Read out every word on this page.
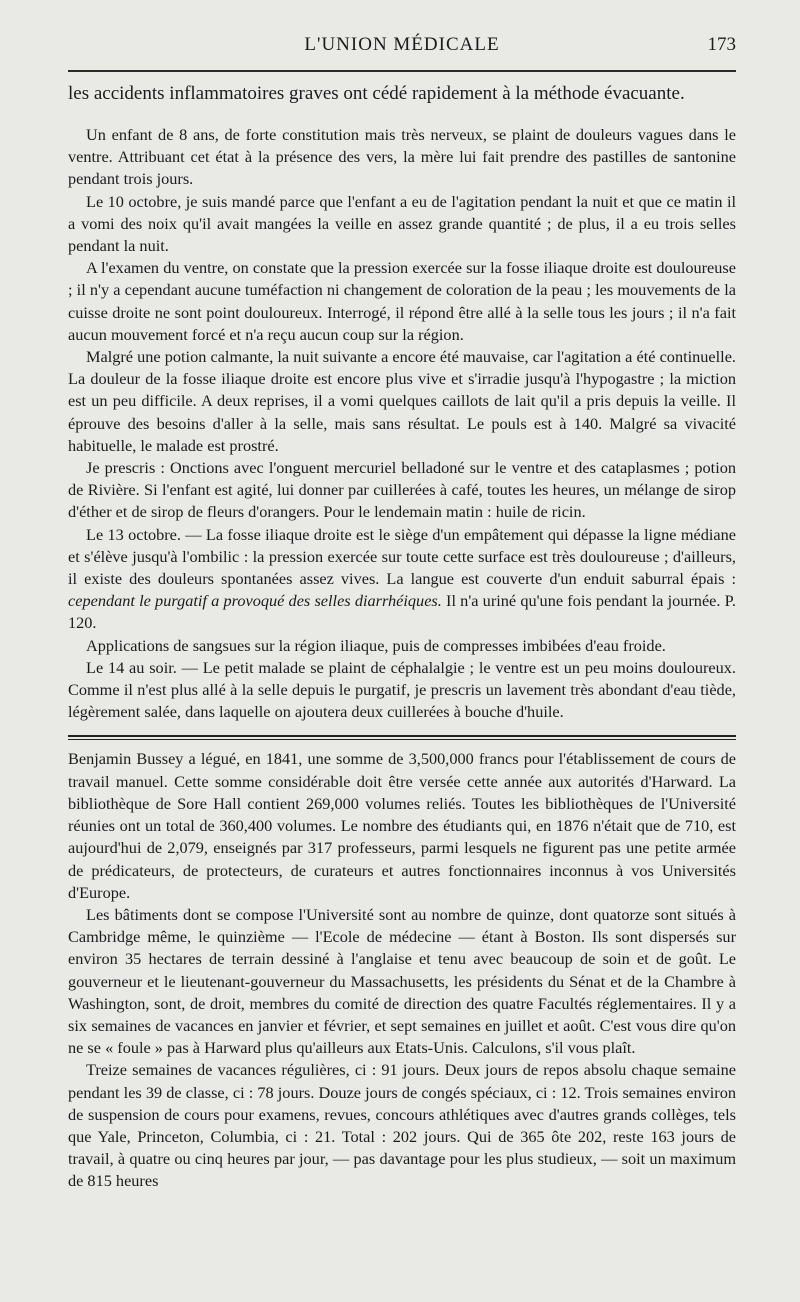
L'UNION MÉDICALE	173

les accidents inflammatoires graves ont cédé rapidement à la méthode évacuante.

Un enfant de 8 ans, de forte constitution mais très nerveux, se plaint de douleurs vagues dans le ventre. Attribuant cet état à la présence des vers, la mère lui fait prendre des pastilles de santonine pendant trois jours.

Le 10 octobre, je suis mandé parce que l'enfant a eu de l'agitation pendant la nuit et que ce matin il a vomi des noix qu'il avait mangées la veille en assez grande quantité ; de plus, il a eu trois selles pendant la nuit.

A l'examen du ventre, on constate que la pression exercée sur la fosse iliaque droite est douloureuse ; il n'y a cependant aucune tuméfaction ni changement de coloration de la peau ; les mouvements de la cuisse droite ne sont point douloureux. Interrogé, il répond être allé à la selle tous les jours ; il n'a fait aucun mouvement forcé et n'a reçu aucun coup sur la région.

Malgré une potion calmante, la nuit suivante a encore été mauvaise, car l'agitation a été continuelle. La douleur de la fosse iliaque droite est encore plus vive et s'irradie jusqu'à l'hypogastre ; la miction est un peu difficile. A deux reprises, il a vomi quelques caillots de lait qu'il a pris depuis la veille. Il éprouve des besoins d'aller à la selle, mais sans résultat. Le pouls est à 140. Malgré sa vivacité habituelle, le malade est prostré.

Je prescris : Onctions avec l'onguent mercuriel belladoné sur le ventre et des cataplasmes ; potion de Rivière. Si l'enfant est agité, lui donner par cuillerées à café, toutes les heures, un mélange de sirop d'éther et de sirop de fleurs d'orangers. Pour le lendemain matin : huile de ricin.

Le 13 octobre. — La fosse iliaque droite est le siège d'un empâtement qui dépasse la ligne médiane et s'élève jusqu'à l'ombilic : la pression exercée sur toute cette surface est très douloureuse ; d'ailleurs, il existe des douleurs spontanées assez vives. La langue est couverte d'un enduit saburral épais : cependant le purgatif a provoqué des selles diarrhéiques. Il n'a uriné qu'une fois pendant la journée. P. 120.

Applications de sangsues sur la région iliaque, puis de compresses imbibées d'eau froide.

Le 14 au soir. — Le petit malade se plaint de céphalalgie ; le ventre est un peu moins douloureux. Comme il n'est plus allé à la selle depuis le purgatif, je prescris un lavement très abondant d'eau tiède, légèrement salée, dans laquelle on ajoutera deux cuillerées à bouche d'huile.

Benjamin Bussey a légué, en 1841, une somme de 3,500,000 francs pour l'établissement de cours de travail manuel. Cette somme considérable doit être versée cette année aux autorités d'Harward. La bibliothèque de Sore Hall contient 269,000 volumes reliés. Toutes les bibliothèques de l'Université réunies ont un total de 360,400 volumes. Le nombre des étudiants qui, en 1876 n'était que de 710, est aujourd'hui de 2,079, enseignés par 317 professeurs, parmi lesquels ne figurent pas une petite armée de prédicateurs, de protecteurs, de curateurs et autres fonctionnaires inconnus à vos Universités d'Europe.

Les bâtiments dont se compose l'Université sont au nombre de quinze, dont quatorze sont situés à Cambridge même, le quinzième — l'Ecole de médecine — étant à Boston. Ils sont dispersés sur environ 35 hectares de terrain dessiné à l'anglaise et tenu avec beaucoup de soin et de goût. Le gouverneur et le lieutenant-gouverneur du Massachusetts, les présidents du Sénat et de la Chambre à Washington, sont, de droit, membres du comité de direction des quatre Facultés réglementaires. Il y a six semaines de vacances en janvier et février, et sept semaines en juillet et août. C'est vous dire qu'on ne se « foule » pas à Harward plus qu'ailleurs aux Etats-Unis. Calculons, s'il vous plaît.

Treize semaines de vacances régulières, ci : 91 jours. Deux jours de repos absolu chaque semaine pendant les 39 de classe, ci : 78 jours. Douze jours de congés spéciaux, ci : 12. Trois semaines environ de suspension de cours pour examens, revues, concours athlétiques avec d'autres grands collèges, tels que Yale, Princeton, Columbia, ci : 21. Total : 202 jours. Qui de 365 ôte 202, reste 163 jours de travail, à quatre ou cinq heures par jour, — pas davantage pour les plus studieux, — soit un maximum de 815 heures
